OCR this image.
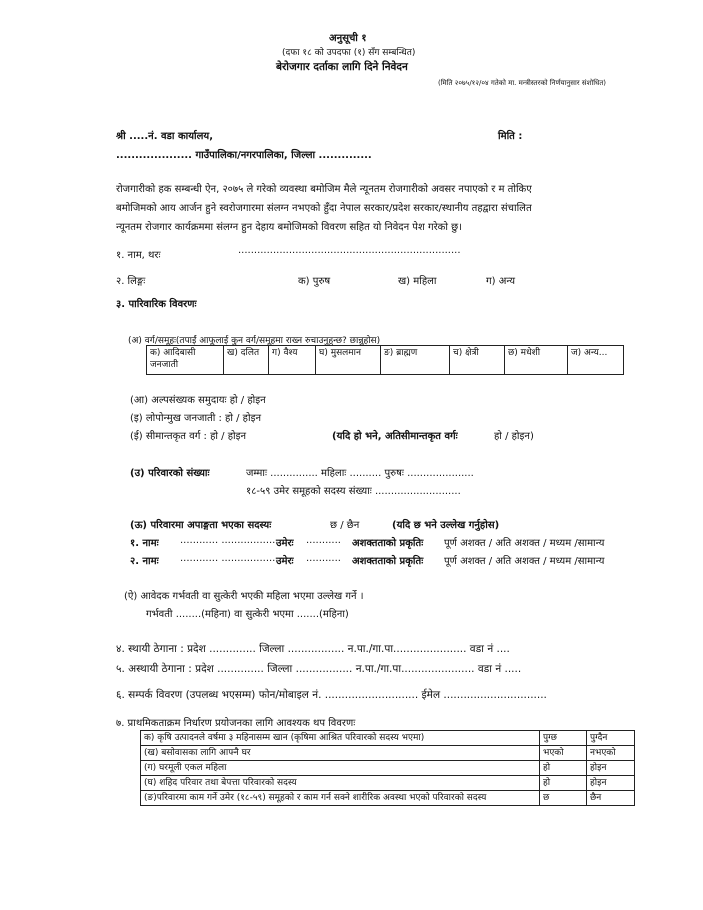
अनुसूची १
(दफा १८ को उपदफा (१) सँग सम्बन्धित)
बेरोजगार दर्ताका लागि दिने निवेदन
(मिति २०७५/१२/०४ गतेको मा. मन्त्रीस्तरको निर्णयानुसार संशोधित)
श्री .....नं. वडा कार्यालय,	मिति :
.................... गाउँपालिका/नगरपालिका, जिल्ला ..............
रोजगारीको हक सम्बन्धी ऐन, २०७५ ले गरेको व्यवस्था बमोजिम मैले न्यूनतम रोजगारीको अवसर नपाएको र म तोकिए
बमोजिमको आय आर्जन हुने स्वरोजगारमा संलग्न नभएको हुँदा नेपाल सरकार/प्रदेश सरकार/स्थानीय तहद्वारा संचालित
न्यूनतम रोजगार कार्यक्रममा संलग्न हुन देहाय बमोजिमको विवरण सहित यो निवेदन पेश गरेको छु।
१. नाम, थरः	......................................................................
२. लिङ्गः	क) पुरुष	ख) महिला	ग) अन्य
३. पारिवारिक विवरणः
(अ) वर्ग/समूहः(तपाईं आफूलाई कुन वर्ग/समूहमा राख्न रुचाउनुहुन्छ? छान्नुहोस)
क) आदिबासी जनजाती	ख) दलित	ग) वैश्य	घ) मुसलमान	ङ) ब्राह्मण	च) क्षेत्री	छ) मधेशी	ज) अन्य...
(आ) अल्पसंख्यक समुदायः हो / होइन
(इ) लोपोन्मुख जनजाती : हो / होइन
(ई) सीमान्तकृत वर्ग : हो / होइन	(यदि हो भने, अतिसीमान्तकृत वर्गः	हो / होइन)
(उ) परिवारको संख्याः	जम्माः ............... महिलाः .......... पुरुषः .....................
१८-५९ उमेर समूहको सदस्य संख्याः ...........................
(ऊ) परिवारमा अपाङ्गता भएका सदस्यः	छ / छैन	(यदि छ भने उल्लेख गर्नुहोस)
१. नामः ............ ..................
उमेरः ........... अशक्तताको प्रकृतिः पूर्ण अशक्त / अति अशक्त / मध्यम /सामान्य
२. नामः ............ ..................
उमेरः ........... अशक्तताको प्रकृतिः पूर्ण अशक्त / अति अशक्त / मध्यम /सामान्य
(ऐ) आवेदक गर्भवती वा सुत्केरी भएकी महिला भएमा उल्लेख गर्ने ।
गर्भवती ........(महिना) वा सुत्केरी भएमा .......(महिना)
४. स्थायी ठेगाना : प्रदेश .............. जिल्ला ................. न.पा./गा.पा...................... वडा नं ....
५. अस्थायी ठेगाना : प्रदेश .............. जिल्ला ................. न.पा./गा.पा...................... वडा नं .....
६. सम्पर्क विवरण (उपलब्ध भएसम्म) फोन/मोबाइल नं. ............................ ईमेल ...............................
७. प्राथमिकताक्रम निर्धारण प्रयोजनका लागि आवश्यक थप विवरणः
क) कृषि उत्पादनले वर्षमा ३ महिनासम्म खान (कृषिमा आश्रित परिवारको सदस्य भएमा)	पुग्छ	पुग्दैन
(ख) बसोवासका लागि आफ्नै घर	भएको	नभएको
(ग) घरमूली एकल महिला	हो	होइन
(घ) शहिद परिवार तथा बेपत्ता परिवारको सदस्य	हो	होइन
(ङ)परिवारमा काम गर्ने उमेर (१८-५९) समूहको र काम गर्न सक्ने शारीरिक अवस्था भएको परिवारको सदस्य	छ	छैन
